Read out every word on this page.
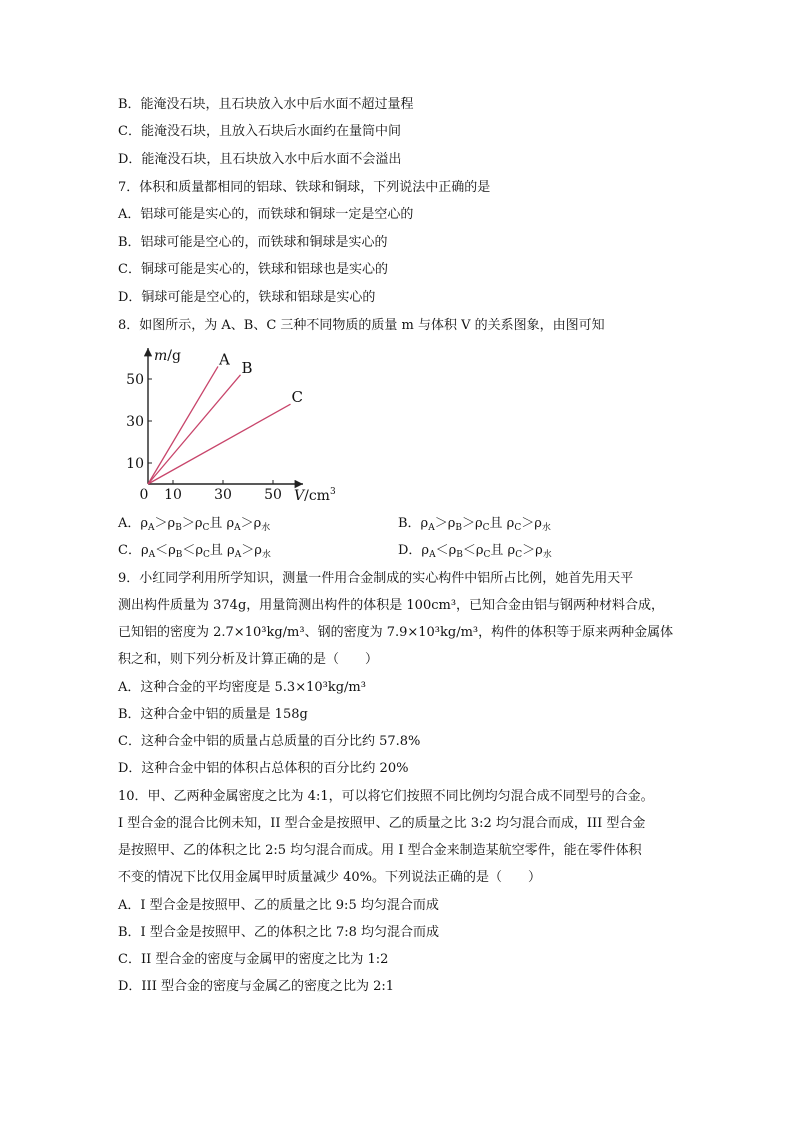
B．能淹没石块，且石块放入水中后水面不超过量程
C．能淹没石块，且放入石块后水面约在量筒中间
D．能淹没石块，且石块放入水中后水面不会溢出
7．体积和质量都相同的铝球、铁球和铜球，下列说法中正确的是
A．铝球可能是实心的，而铁球和铜球一定是空心的
B．铝球可能是空心的，而铁球和铜球是实心的
C．铜球可能是实心的，铁球和铝球也是实心的
D．铜球可能是空心的，铁球和铝球是实心的
8．如图所示，为 A、B、C 三种不同物质的质量 m 与体积 V 的关系图象，由图可知
0 10 30 50
10
30
50
A B
C
m/g
$V/cm^3$
A．$\rho_A>\rho_B>\rho_C$且 $\rho_A>\rho_水$	B．$\rho_A>\rho_B>\rho_C$且 $\rho_C>\rho_水$
C．$\rho_A<\rho_B<\rho_C$且 $\rho_A>\rho_水$	D．$\rho_A<\rho_B<\rho_C$且 $\rho_C>\rho_水$
9．小红同学利用所学知识，测量一件用合金制成的实心构件中铝所占比例，她首先用天平
测出构件质量为 374g，用量筒测出构件的体积是 100cm³，已知合金由铝与钢两种材料合成，
已知铝的密度为 2.7×10³kg/m³、钢的密度为 7.9×10³kg/m³，构件的体积等于原来两种金属体
积之和，则下列分析及计算正确的是（　　）
A．这种合金的平均密度是 5.3×10³kg/m³
B．这种合金中铝的质量是 158g
C．这种合金中铝的质量占总质量的百分比约 57.8%
D．这种合金中铝的体积占总体积的百分比约 20%
10．甲、乙两种金属密度之比为 4:1，可以将它们按照不同比例均匀混合成不同型号的合金。
I 型合金的混合比例未知，II 型合金是按照甲、乙的质量之比 3:2 均匀混合而成，III 型合金
是按照甲、乙的体积之比 2:5 均匀混合而成。用 I 型合金来制造某航空零件，能在零件体积
不变的情况下比仅用金属甲时质量减少 40%。下列说法正确的是（　　）
A．I 型合金是按照甲、乙的质量之比 9:5 均匀混合而成
B．I 型合金是按照甲、乙的体积之比 7:8 均匀混合而成
C．II 型合金的密度与金属甲的密度之比为 1:2
D．III 型合金的密度与金属乙的密度之比为 2:1
